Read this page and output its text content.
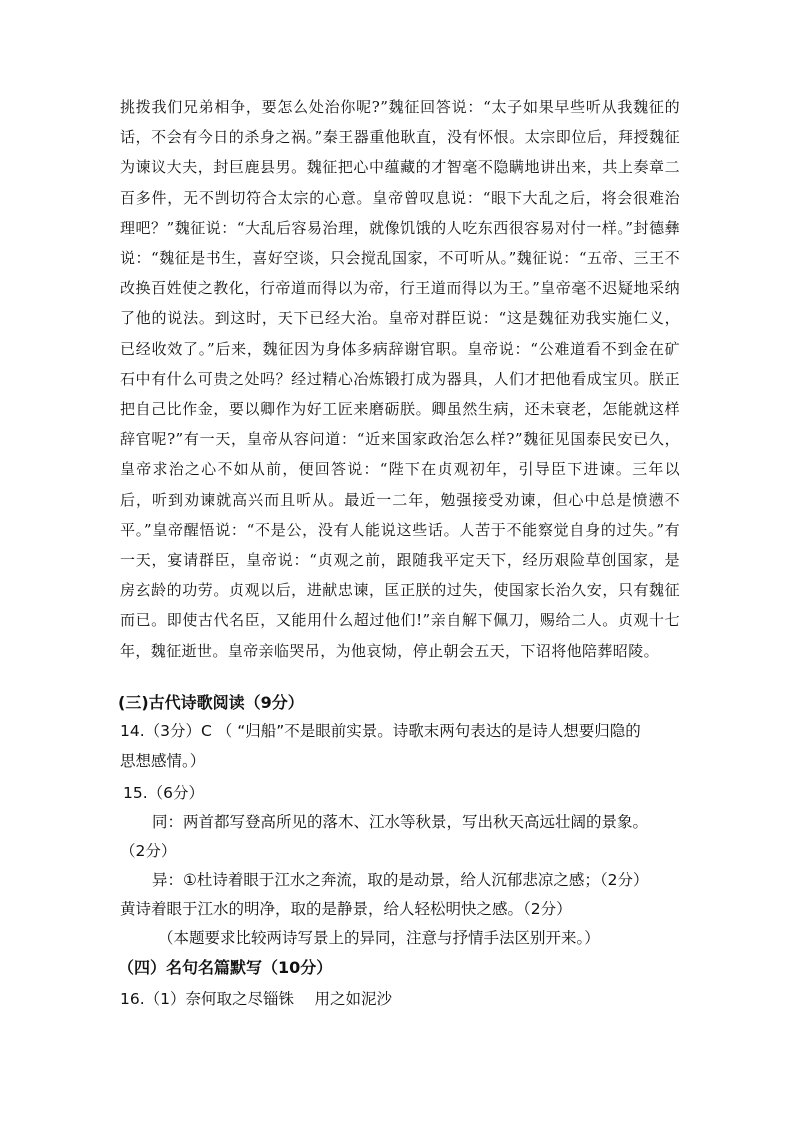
挑拨我们兄弟相争，要怎么处治你呢?”魏征回答说：“太子如果早些听从我魏征的话，不会有今日的杀身之祸。”秦王器重他耿直，没有怀恨。太宗即位后，拜授魏征为谏议大夫，封巨鹿县男。魏征把心中蕴藏的才智毫不隐瞒地讲出来，共上奏章二百多件，无不剀切符合太宗的心意。皇帝曾叹息说：“眼下大乱之后，将会很难治理吧？”魏征说：“大乱后容易治理，就像饥饿的人吃东西很容易对付一样。”封德彝说：“魏征是书生，喜好空谈，只会搅乱国家，不可听从。”魏征说：“五帝、三王不改换百姓使之教化，行帝道而得以为帝，行王道而得以为王。”皇帝毫不迟疑地采纳了他的说法。到这时，天下已经大治。皇帝对群臣说：“这是魏征劝我实施仁义，已经收效了。”后来，魏征因为身体多病辞谢官职。皇帝说：“公难道看不到金在矿石中有什么可贵之处吗？经过精心冶炼锻打成为器具，人们才把他看成宝贝。朕正把自己比作金，要以卿作为好工匠来磨砺朕。卿虽然生病，还未衰老，怎能就这样辞官呢?”有一天，皇帝从容问道：“近来国家政治怎么样?”魏征见国泰民安已久，皇帝求治之心不如从前，便回答说：“陛下在贞观初年，引导臣下进谏。三年以后，听到劝谏就高兴而且听从。最近一二年，勉强接受劝谏，但心中总是愤懑不平。”皇帝醒悟说：“不是公，没有人能说这些话。人苦于不能察觉自身的过失。”有一天，宴请群臣，皇帝说：“贞观之前，跟随我平定天下，经历艰险草创国家，是房玄龄的功劳。贞观以后，进献忠谏，匡正朕的过失，使国家长治久安，只有魏征而已。即使古代名臣，又能用什么超过他们!”亲自解下佩刀，赐给二人。贞观十七年，魏征逝世。皇帝亲临哭吊，为他哀恸，停止朝会五天，下诏将他陪葬昭陵。

(三)古代诗歌阅读（9分）
14.（3分）C （ “归船”不是眼前实景。诗歌末两句表达的是诗人想要归隐的
思想感情。）
15.（6分）
同：两首都写登高所见的落木、江水等秋景，写出秋天高远壮阔的景象。
（2分）
异：①杜诗着眼于江水之奔流，取的是动景，给人沉郁悲凉之感；（2分）
黄诗着眼于江水的明净，取的是静景，给人轻松明快之感。（2分）
（本题要求比较两诗写景上的异同，注意与抒情手法区别开来。）
（四）名句名篇默写（10分）
16.（1）奈何取之尽锱铢　 用之如泥沙
